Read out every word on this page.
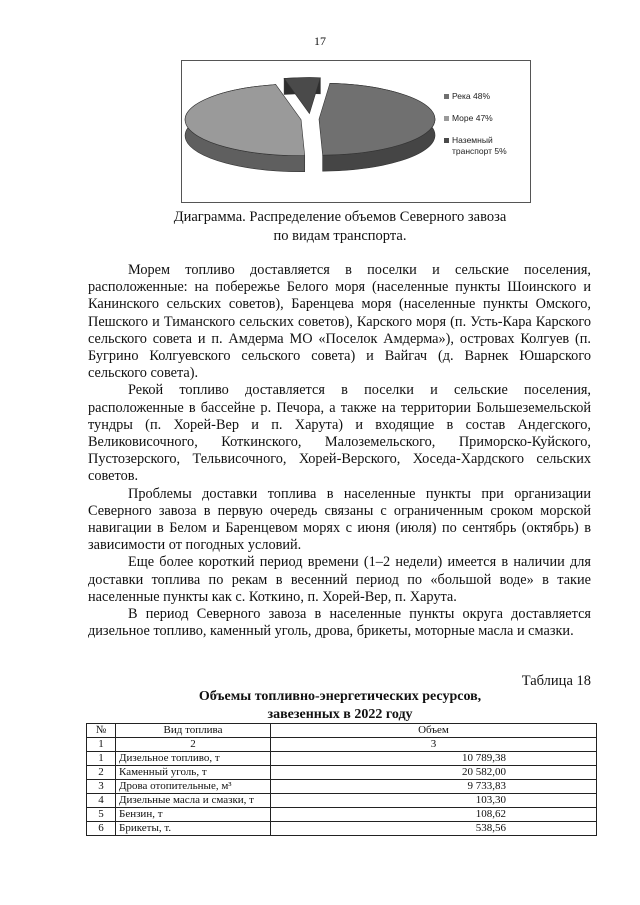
17
Река 48%
Море 47%
Наземный транспорт 5%
Диаграмма. Распределение объемов Северного завоза
по видам транспорта.

Морем топливо доставляется в поселки и сельские поселения, расположенные: на побережье Белого моря (населенные пункты Шоинского и Канинского сельских советов), Баренцева моря (населенные пункты Омского, Пешского и Тиманского сельских советов), Карского моря (п. Усть-Кара Карского сельского совета и п. Амдерма МО «Поселок Амдерма»), островах Колгуев (п. Бугрино Колгуевского сельского совета) и Вайгач (д. Варнек Юшарского сельского совета).

Рекой топливо доставляется в поселки и сельские поселения, расположенные в бассейне р. Печора, а также на территории Большеземельской тундры (п. Хорей-Вер и п. Харута) и входящие в состав Андегского, Великовисочного, Коткинского, Малоземельского, Приморско-Куйского, Пустозерского, Тельвисочного, Хорей-Верского, Хоседа-Хардского сельских советов.

Проблемы доставки топлива в населенные пункты при организации Северного завоза в первую очередь связаны с ограниченным сроком морской навигации в Белом и Баренцевом морях с июня (июля) по сентябрь (октябрь) в зависимости от погодных условий.

Еще более короткий период времени (1–2 недели) имеется в наличии для доставки топлива по рекам в весенний период по «большой воде» в такие населенные пункты как с. Коткино, п. Хорей-Вер, п. Харута.

В период Северного завоза в населенные пункты округа доставляется дизельное топливо, каменный уголь, дрова, брикеты, моторные масла и смазки.

Таблица 18
Объемы топливно-энергетических ресурсов,
завезенных в 2022 году
№	Вид топлива	Объем
1	2	3
1	Дизельное топливо, т	10 789,38
2	Каменный уголь, т	20 582,00
3	Дрова отопительные, м³	9 733,83
4	Дизельные масла и смазки, т	103,30
5	Бензин, т	108,62
6	Брикеты, т.	538,56
